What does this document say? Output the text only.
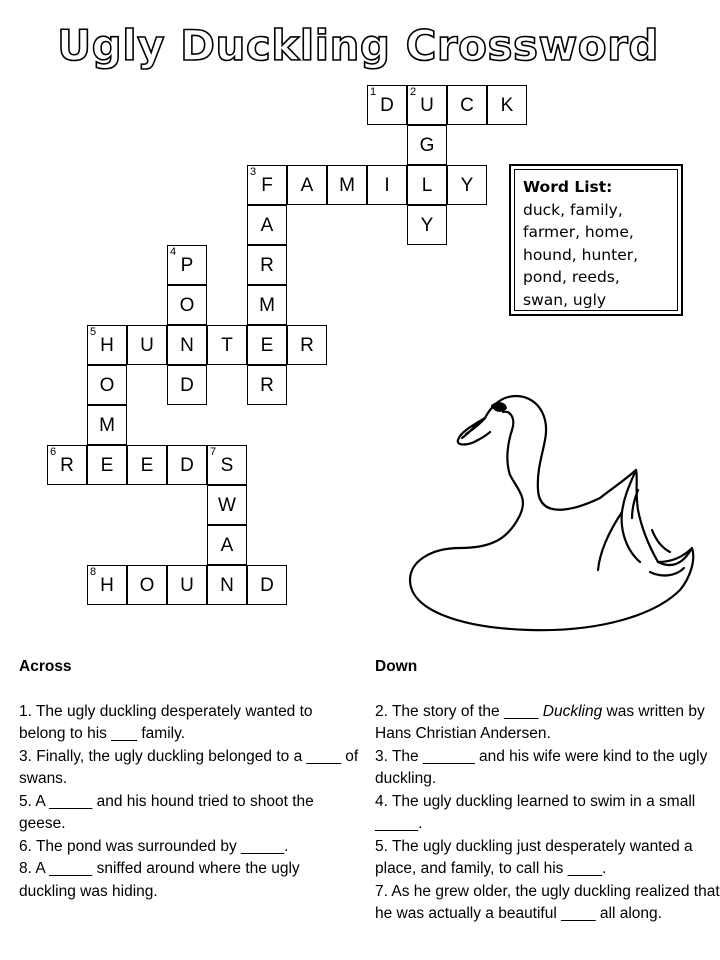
Ugly Duckling Crossword
1
D
2
U	C	K
G
3
F	A	M	I	L	Y
A	Y
4
P	R
O	M
5
H	U	N	T	E	R
O	D	R
M
6
R	E	E	D
7
S
W
A
8
H	O	U	N	D
Word List:
duck, family,
farmer, home,
hound, hunter,
pond, reeds,
swan, ugly
Across

1. The ugly duckling desperately wanted to belong to his ___ family.

3. Finally, the ugly duckling belonged to a ____ of swans.

5. A _____ and his hound tried to shoot the geese.

6. The pond was surrounded by _____.

8. A _____ sniffed around where the ugly duckling was hiding.

Down

2. The story of the ____ Duckling was written by Hans Christian Andersen.

3. The ______ and his wife were kind to the ugly duckling.

4. The ugly duckling learned to swim in a small _____.

5. The ugly duckling just desperately wanted a place, and family, to call his ____.

7. As he grew older, the ugly duckling realized that he was actually a beautiful ____ all along.
